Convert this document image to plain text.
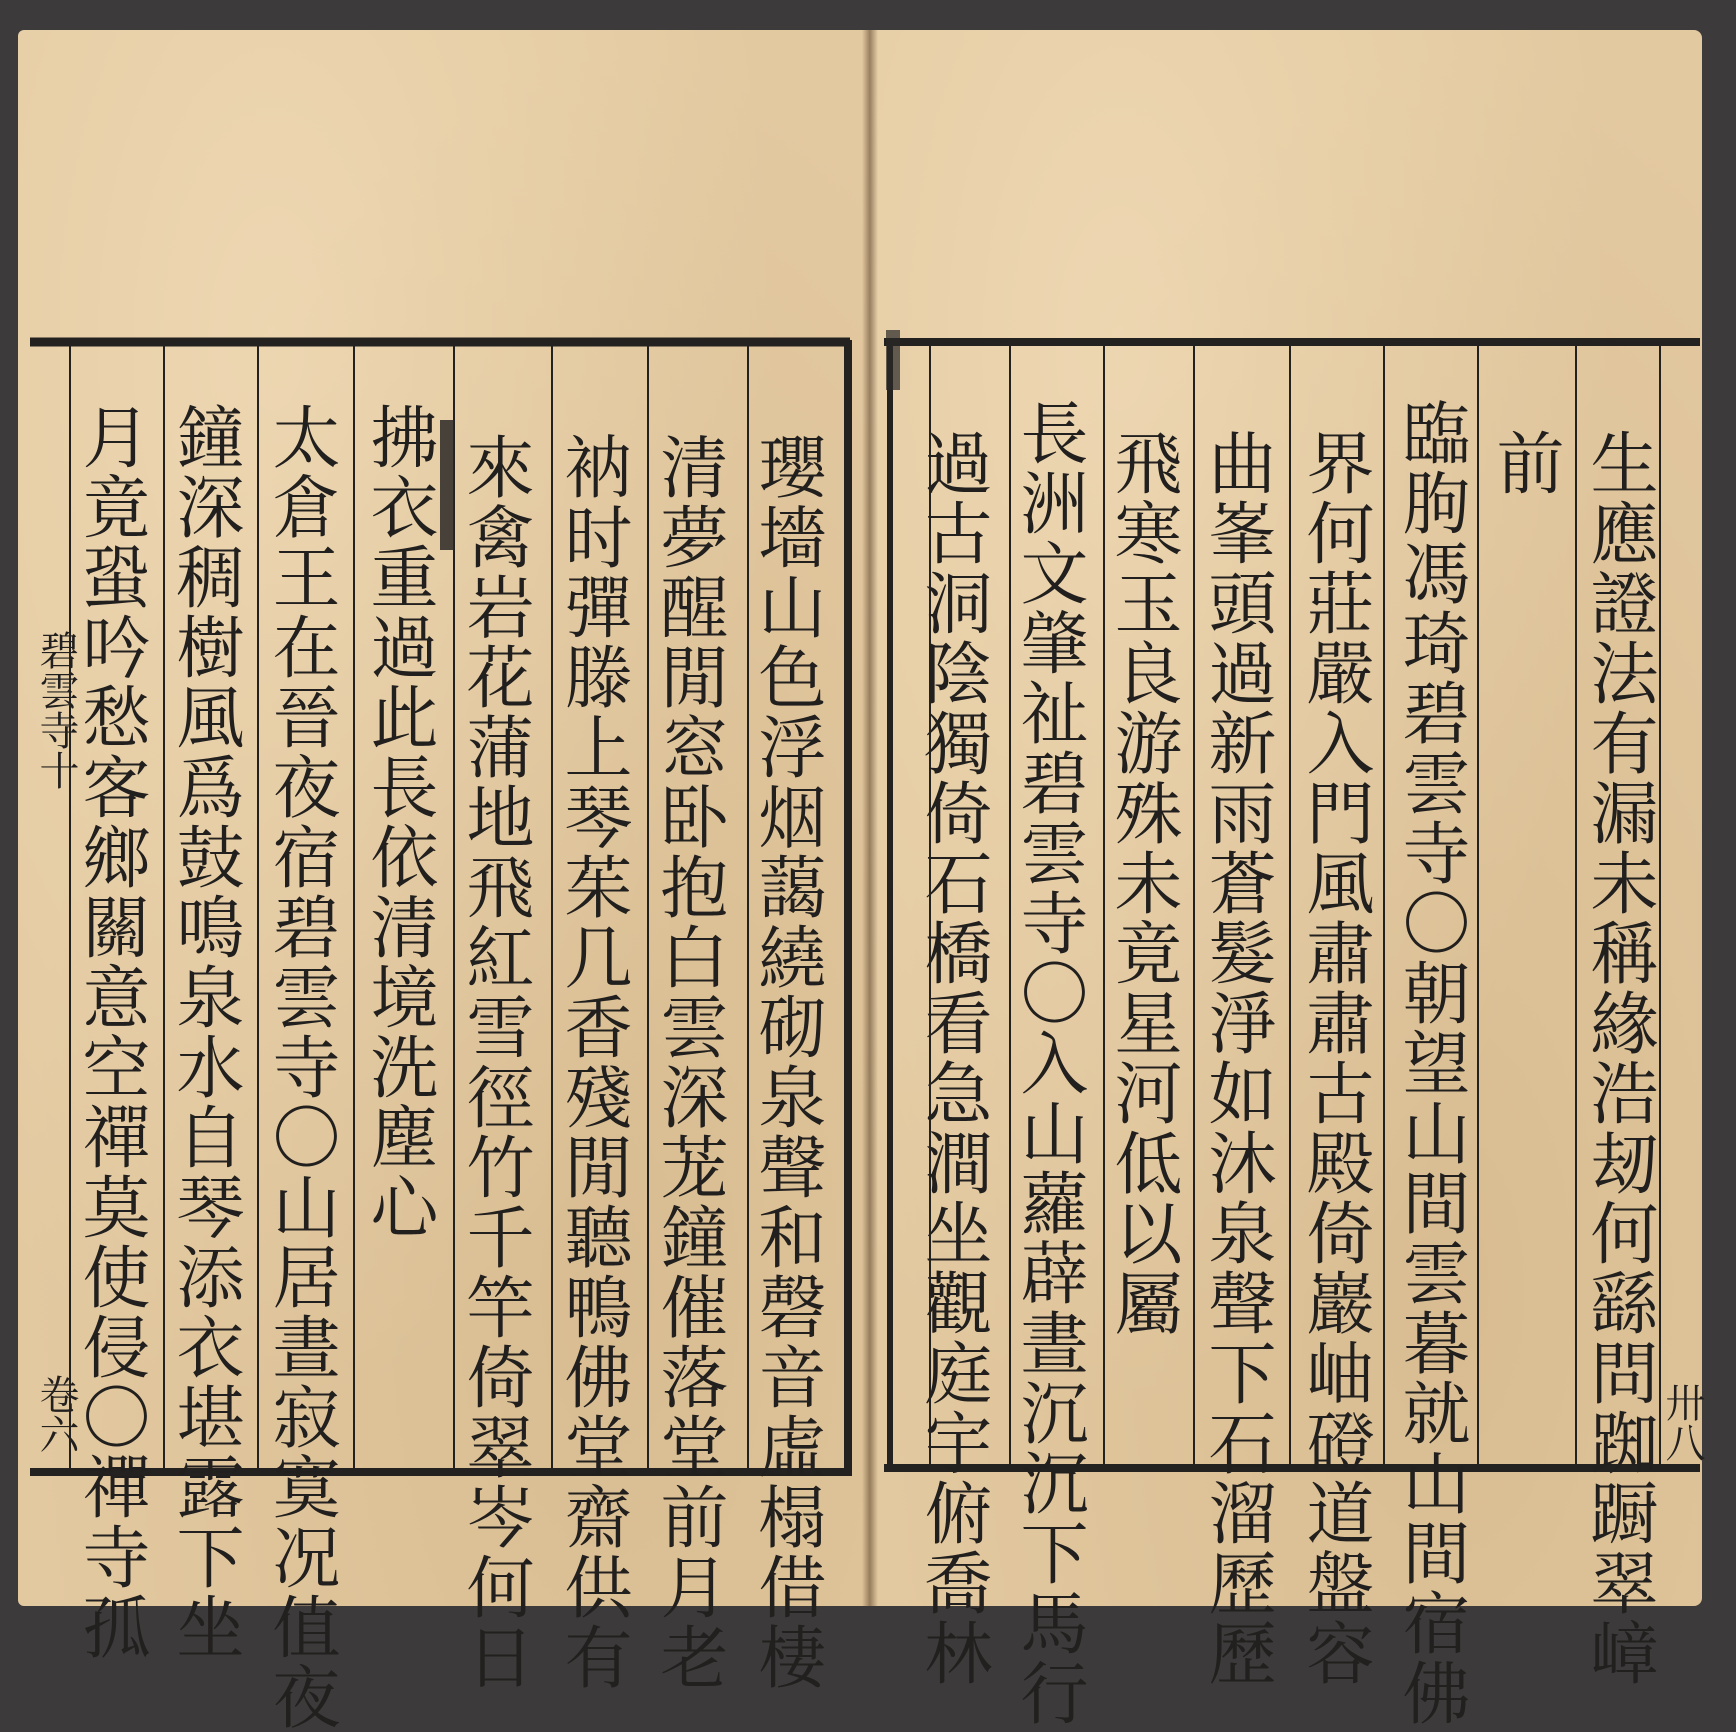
瓔墻山色浮烟藹繞砌泉聲和磬音虛榻借棲
清夢醒閒窓卧抱白雲深茏鐘催落堂前月老
衲时彈滕上琴茱几香殘閒聽鴨佛堂齋供有
來禽岩花蒲地飛紅雪徑竹千竿倚翠岑何日
拂衣重過此長依清境洗塵心
太倉王在晉夜宿碧雲寺〇山居晝寂寞况值夜
鐘深稠樹風爲鼓鳴泉水自琴添衣堪露下坐
月竟蛩吟愁客鄉關意空禪莫使侵〇禪寺孤
碧雲寺十
卷六	生應證法有漏未稱緣浩刼何繇問踟蹰翠嶂
前
臨朐馮琦碧雲寺〇朝望山間雲暮就山間宿佛
界何莊嚴入門風肅肅古殿倚巖岫磴道盤容
曲峯頭過新雨蒼髮淨如沐泉聲下石溜歷歷
飛寒玉良游殊未竟星河低以屬
長洲文肇祉碧雲寺〇入山蘿薜晝沉沉下馬行
過古洞陰獨倚石橋看急澗坐觀庭宇俯喬林	卅八
